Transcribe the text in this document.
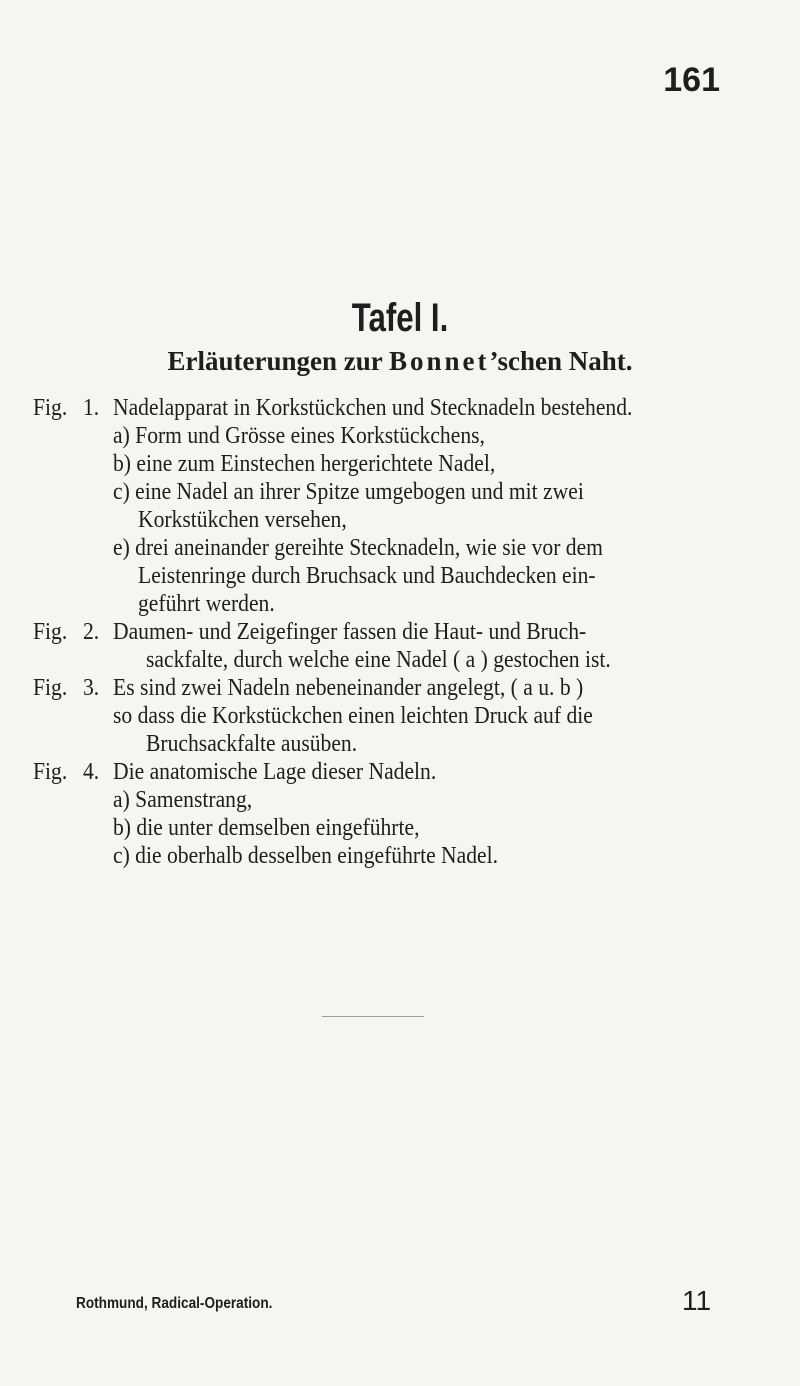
161
Tafel I.
Erläuterungen zur Bonnet’schen Naht.
Fig. 1. Nadelapparat in Korkstückchen und Stecknadeln bestehend.
a) Form und Grösse eines Korkstückchens,
b) eine zum Einstechen hergerichtete Nadel,
c) eine Nadel an ihrer Spitze umgebogen und mit zwei
Korkstükchen versehen,
e) drei aneinander gereihte Stecknadeln, wie sie vor dem
Leistenringe durch Bruchsack und Bauchdecken ein-
geführt werden.
Fig. 2. Daumen- und Zeigefinger fassen die Haut- und Bruch-
sackfalte, durch welche eine Nadel ( a ) gestochen ist.
Fig. 3. Es sind zwei Nadeln nebeneinander angelegt, ( a u. b )
so dass die Korkstückchen einen leichten Druck auf die
Bruchsackfalte ausüben.
Fig. 4. Die anatomische Lage dieser Nadeln.
a) Samenstrang,
b) die unter demselben eingeführte,
c) die oberhalb desselben eingeführte Nadel.
Rothmund, Radical-Operation.	11
